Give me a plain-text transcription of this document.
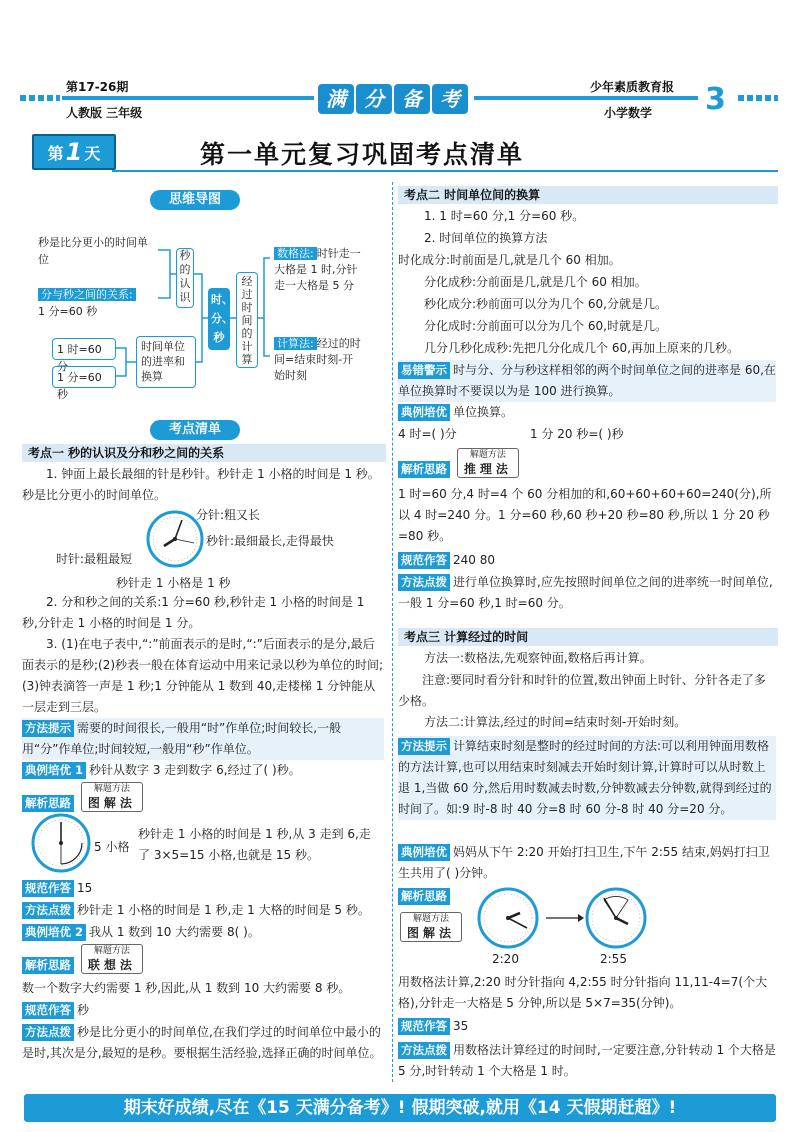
第17-26期
人教版 三年级
满 分 备 考	少年素质教育报
小学数学 3
第 1 天	第一单元复习巩固考点清单
思维导图
秒是比分更小的时间单位
分与秒之间的关系:
1 分=60 秒
1 时=60 分
1 分=60 秒
秒的认识
时间单位的进率和换算
时、分、秒
经过时间的计算
数格法: 时针走一大格是 1 时,分针走一大格是 5 分
计算法: 经过的时间=结束时刻-开始时刻
考点清单
考点一 秒的认识及分和秒之间的关系
1. 钟面上最长最细的针是秒针。秒针走 1 小格的时间是 1 秒。秒是比分更小的时间单位。
分针:粗又长
秒针:最细最长,走得最快
时针:最粗最短
秒针走 1 小格是 1 秒
2. 分和秒之间的关系:1 分=60 秒,秒针走 1 小格的时间是 1 秒,分针走 1 小格的时间是 1 分。
3. (1)在电子表中,“:”前面表示的是时,“:”后面表示的是分,最后面表示的是秒;(2)秒表一般在体育运动中用来记录以秒为单位的时间;(3)钟表滴答一声是 1 秒;1 分钟能从 1 数到 40,走楼梯 1 分钟能从一层走到三层。
方法提示 需要的时间很长,一般用“时”作单位;时间较长,一般用“分”作单位;时间较短,一般用“秒”作单位。
典例培优 1 秒针从数字 3 走到数字 6,经过了( )秒。
解析思路 解题方法
图解法
5 小格
秒针走 1 小格的时间是 1 秒,从 3 走到 6,走了 3×5=15 小格,也就是 15 秒。
规范作答 15
方法点拨 秒针走 1 小格的时间是 1 秒,走 1 大格的时间是 5 秒。
典例培优 2 我从 1 数到 10 大约需要 8( )。
解析思路 解题方法
联想法
数一个数字大约需要 1 秒,因此,从 1 数到 10 大约需要 8 秒。
规范作答 秒
方法点拨 秒是比分更小的时间单位,在我们学过的时间单位中最小的是时,其次是分,最短的是秒。要根据生活经验,选择正确的时间单位。
考点二 时间单位间的换算
1. 1 时=60 分,1 分=60 秒。
2. 时间单位的换算方法
时化成分:时前面是几,就是几个 60 相加。
分化成秒:分前面是几,就是几个 60 相加。
秒化成分:秒前面可以分为几个 60,分就是几。
分化成时:分前面可以分为几个 60,时就是几。
几分几秒化成秒:先把几分化成几个 60,再加上原来的几秒。
易错警示 时与分、分与秒这样相邻的两个时间单位之间的进率是 60,在单位换算时不要误以为是 100 进行换算。
典例培优 单位换算。
4 时=( )分	1 分 20 秒=( )秒
解析思路 解题方法
推理法
1 时=60 分,4 时=4 个 60 分相加的和,60+60+60+60=240(分),所以 4 时=240 分。1 分=60 秒,60 秒+20 秒=80 秒,所以 1 分 20 秒=80 秒。
规范作答 240 80
方法点拨 进行单位换算时,应先按照时间单位之间的进率统一时间单位,一般 1 分=60 秒,1 时=60 分。
考点三 计算经过的时间
方法一:数格法,先观察钟面,数格后再计算。
注意:要同时看分针和时针的位置,数出钟面上时针、分针各走了多少格。
方法二:计算法,经过的时间=结束时刻-开始时刻。
方法提示 计算结束时刻是整时的经过时间的方法:可以利用钟面用数格的方法计算,也可以用结束时刻减去开始时刻计算,计算时可以从时数上退 1,当做 60 分,然后用时数减去时数,分钟数减去分钟数,就得到经过的时间了。如:9 时-8 时 40 分=8 时 60 分-8 时 40 分=20 分。
典例培优 妈妈从下午 2:20 开始打扫卫生,下午 2:55 结束,妈妈打扫卫生共用了( )分钟。
解析思路
解题方法
图解法
2:20	2:55
用数格法计算,2:20 时分针指向 4,2:55 时分针指向 11,11-4=7(个大格),分针走一大格是 5 分钟,所以是 5×7=35(分钟)。
规范作答 35
方法点拨 用数格法计算经过的时间时,一定要注意,分针转动 1 个大格是 5 分,时针转动 1 个大格是 1 时。
期末好成绩,尽在《15 天满分备考》! 假期突破,就用《14 天假期赶超》!
